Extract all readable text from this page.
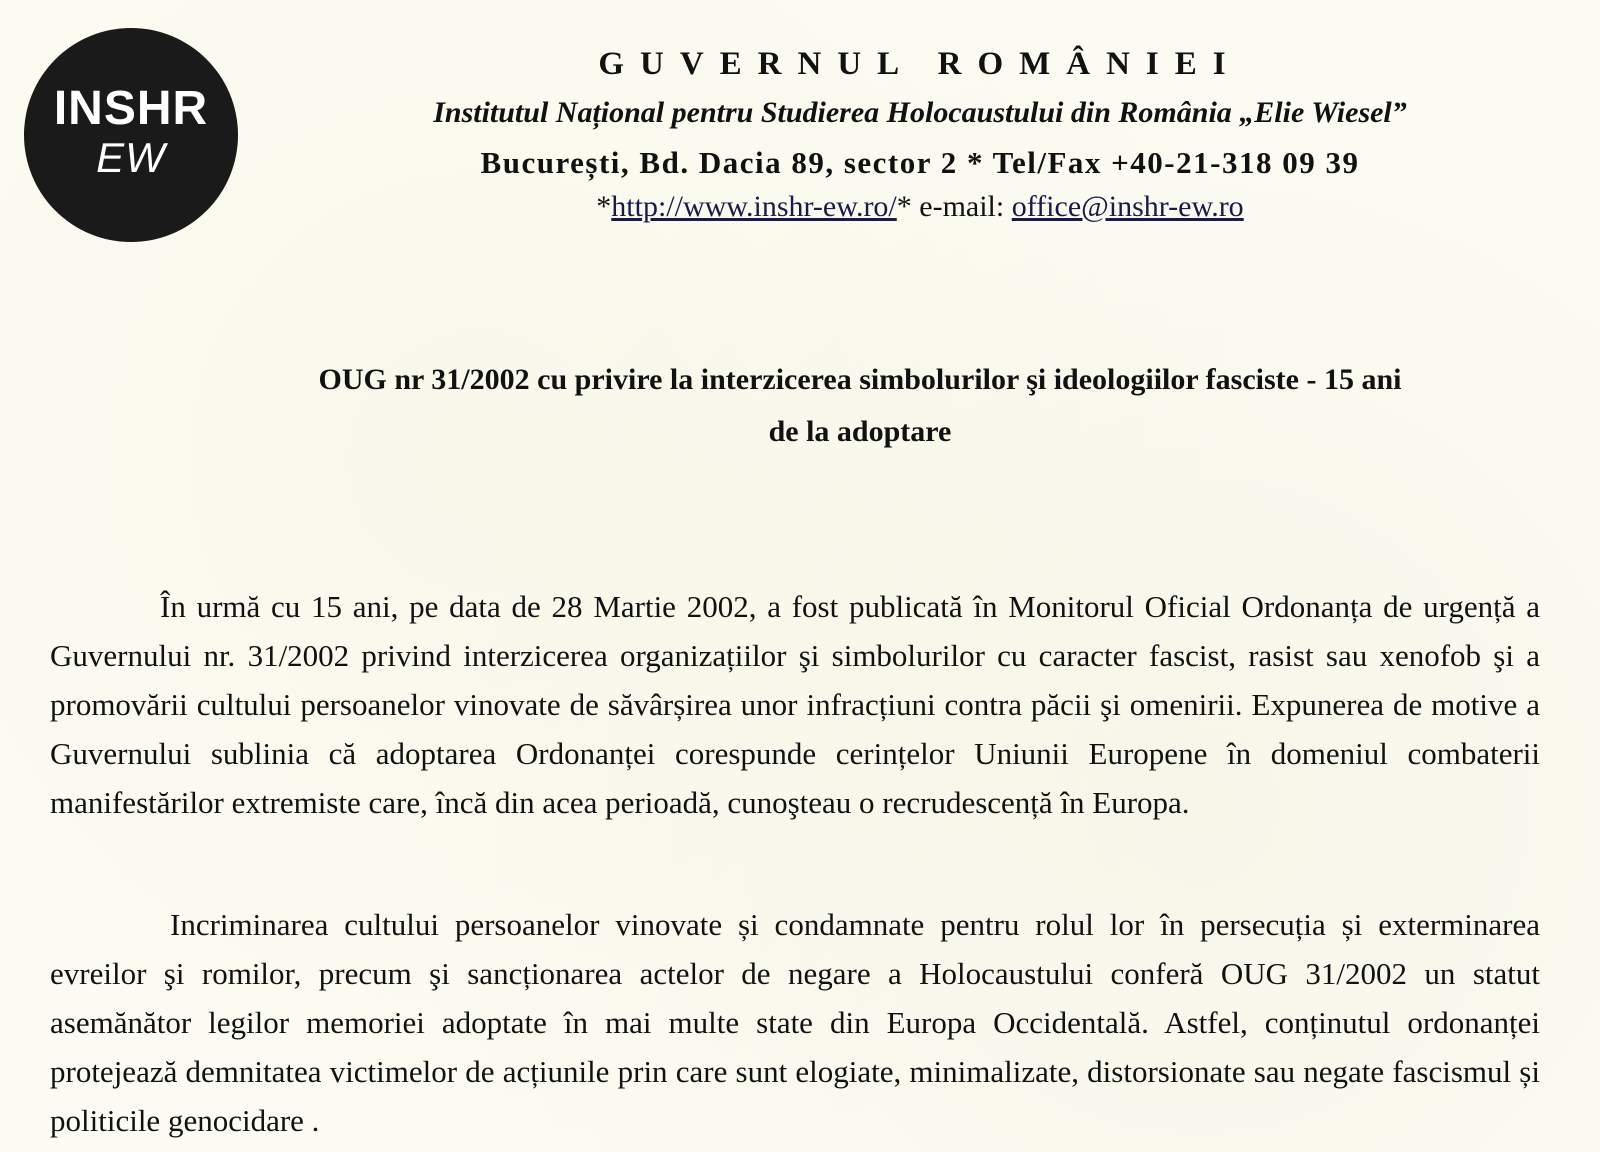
INSHR
EW
GUVERNUL ROMÂNIEI
Institutul Național pentru Studierea Holocaustului din România „Elie Wiesel”
București, Bd. Dacia 89, sector 2 * Tel/Fax +40-21-318 09 39
*http://www.inshr-ew.ro/* e-mail: office@inshr-ew.ro
OUG nr 31/2002 cu privire la interzicerea simbolurilor şi ideologiilor fasciste - 15 ani
de la adoptare

În urmă cu 15 ani, pe data de 28 Martie 2002, a fost publicată în Monitorul Oficial Ordonanța de urgență a Guvernului nr. 31/2002 privind interzicerea organizațiilor şi simbolurilor cu caracter fascist, rasist sau xenofob şi a promovării cultului persoanelor vinovate de săvârșirea unor infracțiuni contra păcii şi omenirii. Expunerea de motive a Guvernului sublinia că adoptarea Ordonanței corespunde cerințelor Uniunii Europene în domeniul combaterii manifestărilor extremiste care, încă din acea perioadă, cunoşteau o recrudescență în Europa.

Incriminarea cultului persoanelor vinovate și condamnate pentru rolul lor în persecuția și exterminarea evreilor şi romilor, precum şi sancționarea actelor de negare a Holocaustului conferă OUG 31/2002 un statut asemănător legilor memoriei adoptate în mai multe state din Europa Occidentală. Astfel, conținutul ordonanței protejează demnitatea victimelor de acțiunile prin care sunt elogiate, minimalizate, distorsionate sau negate fascismul și politicile genocidare .
